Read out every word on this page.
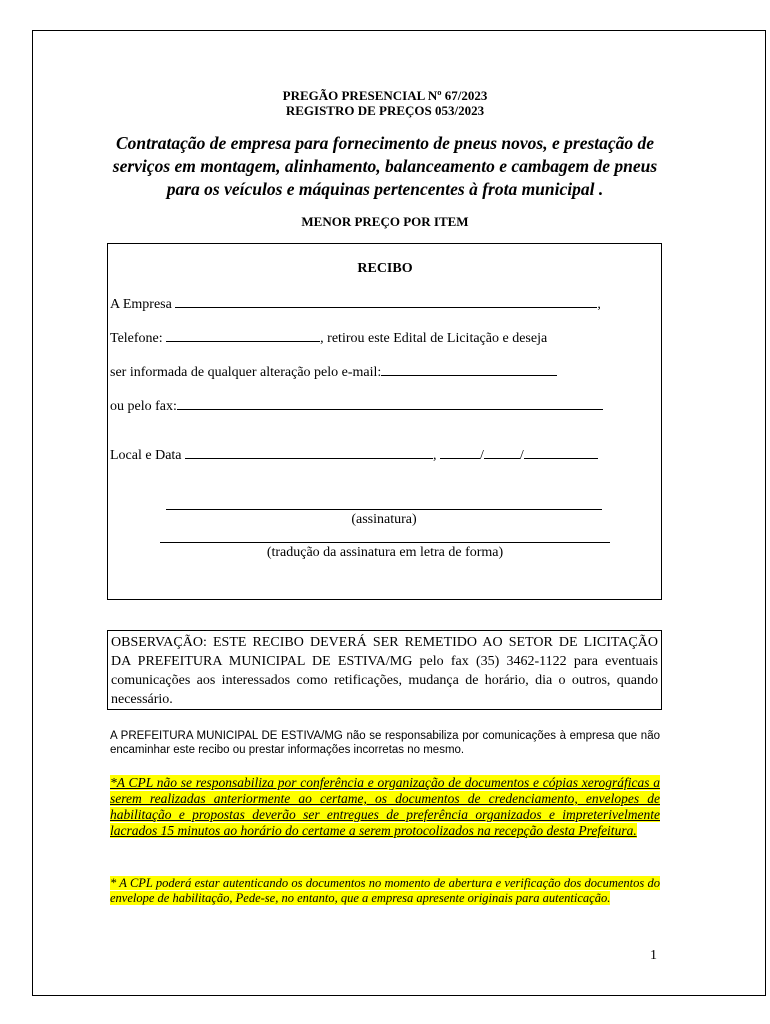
PREGÃO PRESENCIAL Nº 67/2023
REGISTRO DE PREÇOS 053/2023
Contratação de empresa para fornecimento de pneus novos, e prestação de serviços em montagem, alinhamento, balanceamento e cambagem de pneus para os veículos e máquinas pertencentes à frota municipal .
MENOR PREÇO POR ITEM
RECIBO
A Empresa	,
Telefone:	, retirou este Edital de Licitação e deseja
ser informada de qualquer alteração pelo e-mail:
ou pelo fax:
Local e Data	,	/	/
(assinatura)
(tradução da assinatura em letra de forma)
OBSERVAÇÃO: ESTE RECIBO DEVERÁ SER REMETIDO AO SETOR DE LICITAÇÃO DA PREFEITURA MUNICIPAL DE ESTIVA/MG pelo fax (35) 3462-1122 para eventuais comunicações aos interessados como retificações, mudança de horário, dia o outros, quando necessário.
A PREFEITURA MUNICIPAL DE ESTIVA/MG não se responsabiliza por comunicações à empresa que não encaminhar este recibo ou prestar informações incorretas no mesmo.
*A CPL não se responsabiliza por conferência e organização de documentos e cópias xerográficas a serem realizadas anteriormente ao certame, os documentos de credenciamento, envelopes de habilitação e propostas deverão ser entregues de preferência organizados e impreterivelmente lacrados 15 minutos ao horário do certame a serem protocolizados na recepção desta Prefeitura.
* A CPL poderá estar autenticando os documentos no momento de abertura e verificação dos documentos do envelope de habilitação, Pede-se, no entanto, que a empresa apresente originais para autenticação.
1
